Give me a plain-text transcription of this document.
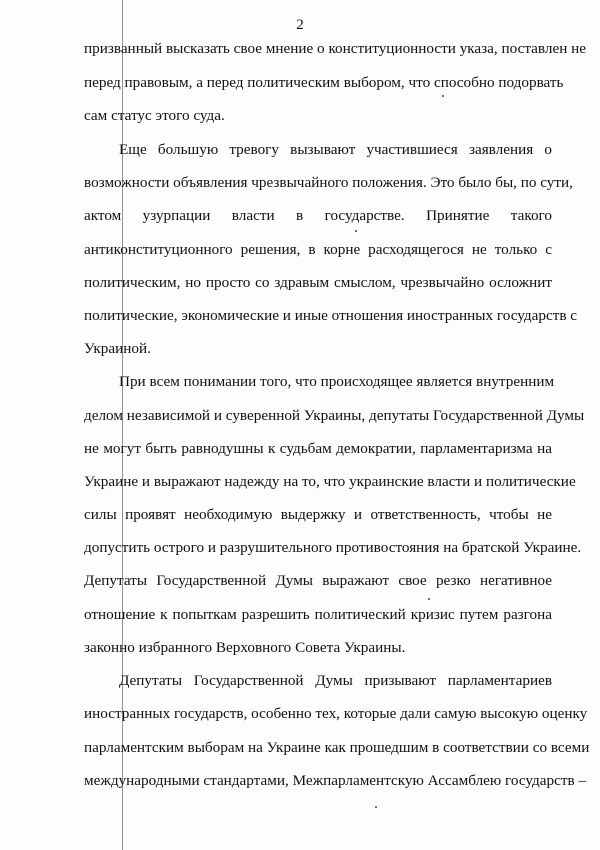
2
призванный высказать свое мнение о конституционности указа, поставлен не
перед правовым, а перед политическим выбором, что способно подорвать
сам статус этого суда.
Еще большую тревогу вызывают участившиеся заявления о
возможности объявления чрезвычайного положения. Это было бы, по сути,
актом узурпации власти в государстве. Принятие такого
антиконституционного решения, в корне расходящегося не только с
политическим, но просто со здравым смыслом, чрезвычайно осложнит
политические, экономические и иные отношения иностранных государств с
Украиной.
При всем понимании того, что происходящее является внутренним
делом независимой и суверенной Украины, депутаты Государственной Думы
не могут быть равнодушны к судьбам демократии, парламентаризма на
Украине и выражают надежду на то, что украинские власти и политические
силы проявят необходимую выдержку и ответственность, чтобы не
допустить острого и разрушительного противостояния на братской Украине.
Депутаты Государственной Думы выражают свое резко негативное
отношение к попыткам разрешить политический кризис путем разгона
законно избранного Верховного Совета Украины.
Депутаты Государственной Думы призывают парламентариев
иностранных государств, особенно тех, которые дали самую высокую оценку
парламентским выборам на Украине как прошедшим в соответствии со всеми
международными стандартами, Межпарламентскую Ассамблею государств –
